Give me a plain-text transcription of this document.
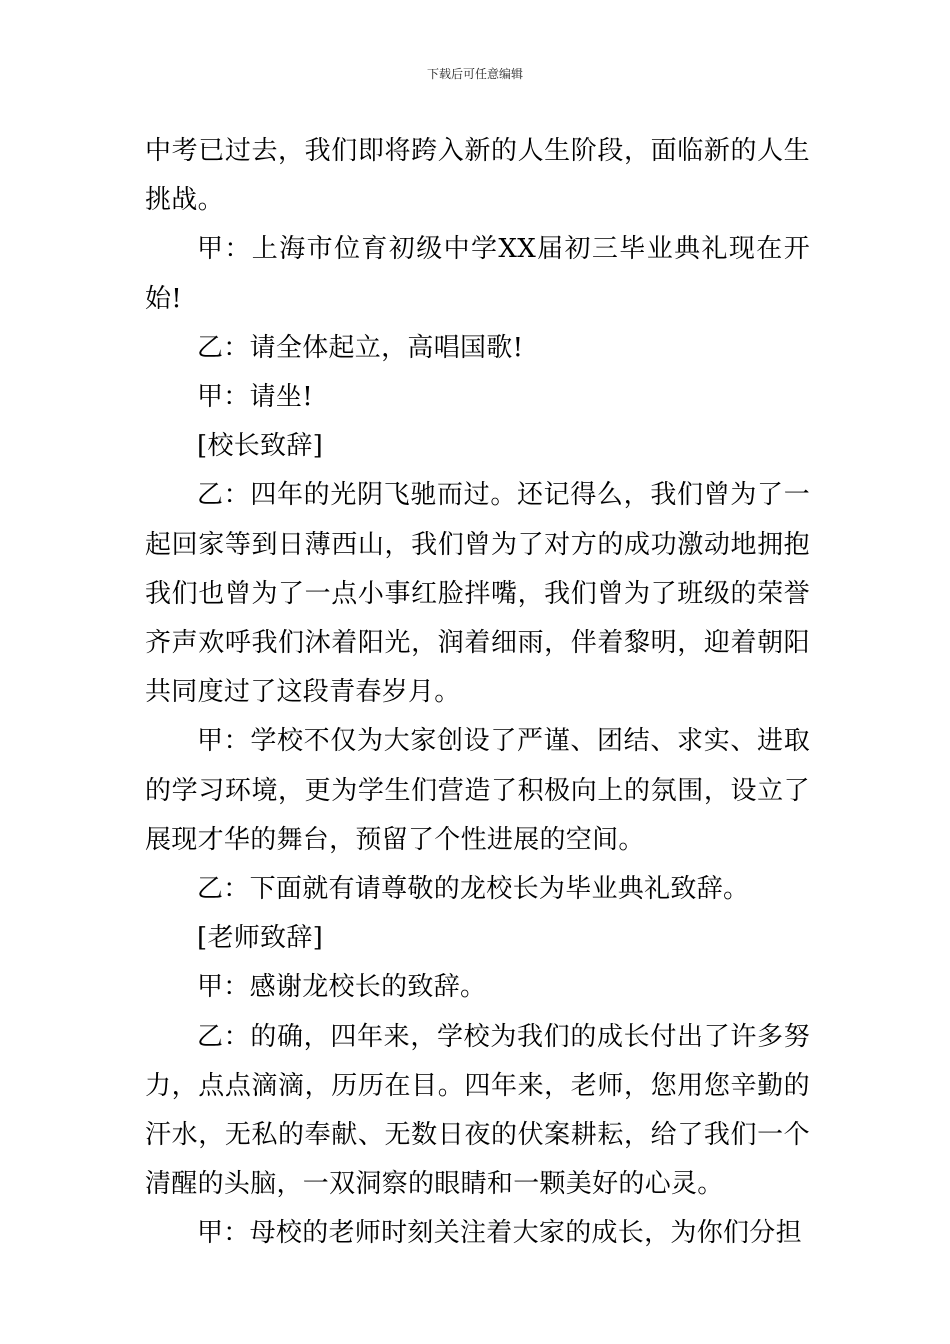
下载后可任意编辑

中考已过去，我们即将跨入新的人生阶段，面临新的人生挑战。

甲：上海市位育初级中学XX届初三毕业典礼现在开始!

乙：请全体起立，高唱国歌!

甲：请坐!

[校长致辞]

乙：四年的光阴飞驰而过。还记得么，我们曾为了一起回家等到日薄西山，我们曾为了对方的成功激动地拥抱我们也曾为了一点小事红脸拌嘴，我们曾为了班级的荣誉齐声欢呼我们沐着阳光，润着细雨，伴着黎明，迎着朝阳共同度过了这段青春岁月。

甲：学校不仅为大家创设了严谨、团结、求实、进取的学习环境，更为学生们营造了积极向上的氛围，设立了展现才华的舞台，预留了个性进展的空间。

乙：下面就有请尊敬的龙校长为毕业典礼致辞。

[老师致辞]

甲：感谢龙校长的致辞。

乙：的确，四年来，学校为我们的成长付出了许多努力，点点滴滴，历历在目。四年来，老师，您用您辛勤的汗水，无私的奉献、无数日夜的伏案耕耘，给了我们一个清醒的头脑，一双洞察的眼睛和一颗美好的心灵。

甲：母校的老师时刻关注着大家的成长，为你们分担
